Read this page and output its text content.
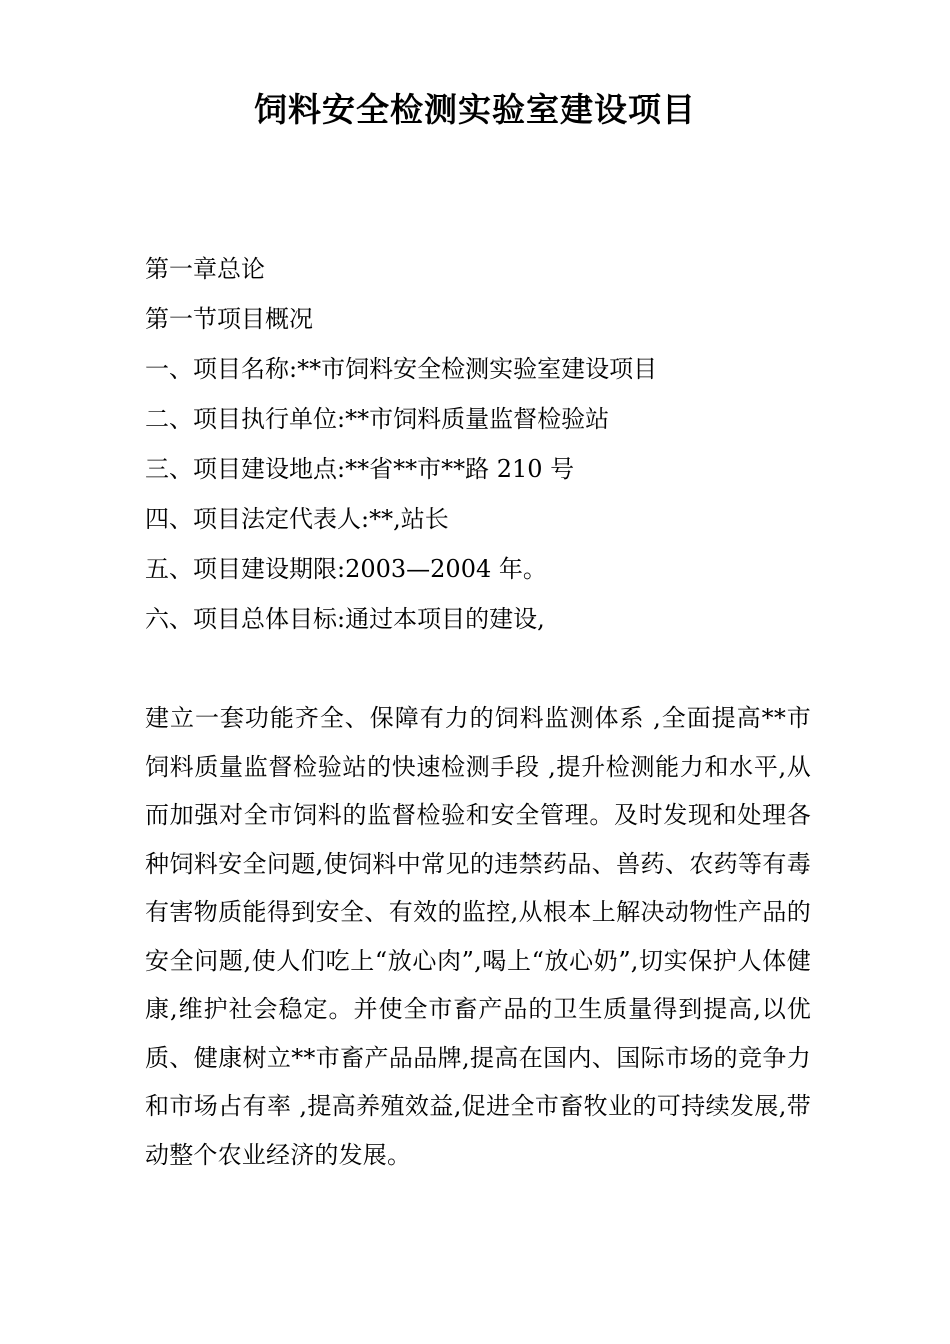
饲料安全检测实验室建设项目
第一章总论
第一节项目概况
一、项目名称:**市饲料安全检测实验室建设项目
二、项目执行单位:**市饲料质量监督检验站
三、项目建设地点:**省**市**路 210 号
四、项目法定代表人:**,站长
五、项目建设期限:2003—2004 年。
六、项目总体目标:通过本项目的建设,

建立一套功能齐全、保障有力的饲料监测体系 ,全面提高**市饲料质量监督检验站的快速检测手段 ,提升检测能力和水平,从而加强对全市饲料的监督检验和安全管理。及时发现和处理各种饲料安全问题,使饲料中常见的违禁药品、兽药、农药等有毒有害物质能得到安全、有效的监控,从根本上解决动物性产品的安全问题,使人们吃上“放心肉”,喝上“放心奶”,切实保护人体健康,维护社会稳定。并使全市畜产品的卫生质量得到提高,以优质、健康树立**市畜产品品牌,提高在国内、国际市场的竞争力和市场占有率 ,提高养殖效益,促进全市畜牧业的可持续发展,带动整个农业经济的发展。
